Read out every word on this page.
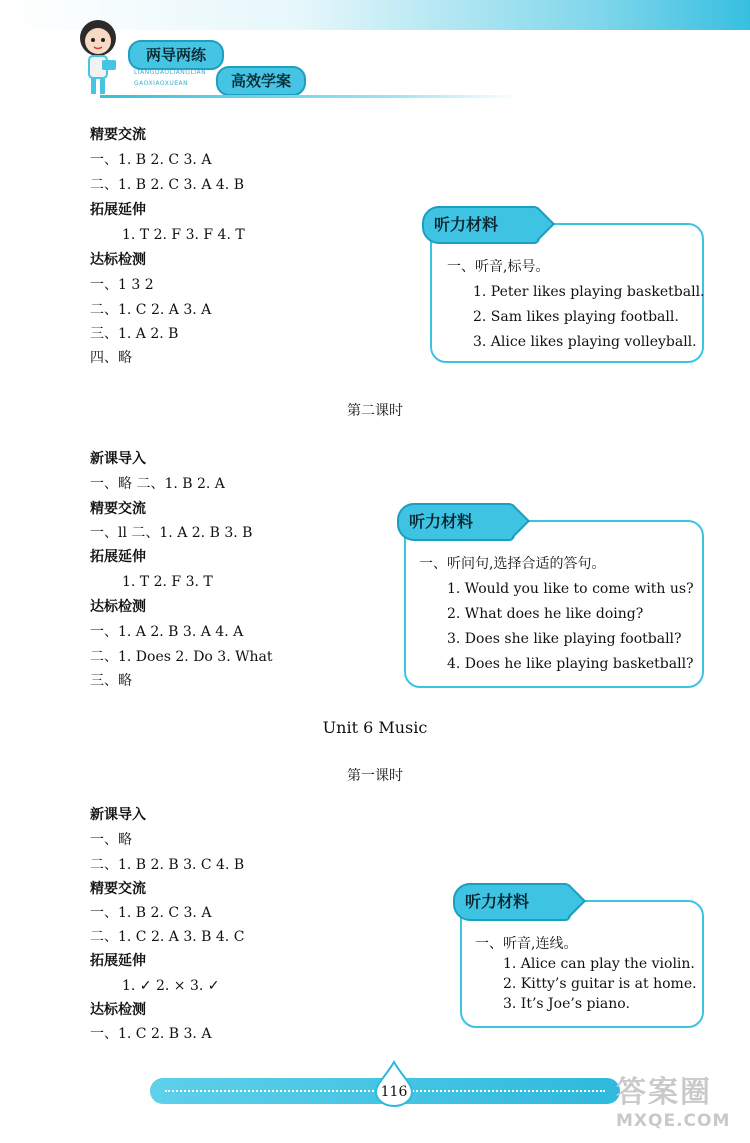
两导两练
LIANGDAOLIANGLIAN
GAOXIAOXUEAN	高效学案
精要交流
一、1. B 2. C 3. A
二、1. B 2. C 3. A 4. B
拓展延伸
1. T 2. F 3. F 4. T
达标检测
一、1 3 2
二、1. C 2. A 3. A
三、1. A 2. B
四、略
听力材料
一、听音,标号。
1. Peter likes playing basketball.
2. Sam likes playing football.
3. Alice likes playing volleyball.
第二课时
新课导入
一、略 二、1. B 2. A
精要交流
一、ll 二、1. A 2. B 3. B
拓展延伸
1. T 2. F 3. T
达标检测
一、1. A 2. B 3. A 4. A
二、1. Does 2. Do 3. What
三、略
听力材料
一、听问句,选择合适的答句。
1. Would you like to come with us?
2. What does he like doing?
3. Does she like playing football?
4. Does he like playing basketball?
Unit 6 Music
第一课时
新课导入
一、略
二、1. B 2. B 3. C 4. B
精要交流
一、1. B 2. C 3. A
二、1. C 2. A 3. B 4. C
拓展延伸
1. ✓ 2. × 3. ✓
达标检测
一、1. C 2. B 3. A
听力材料
一、听音,连线。
1. Alice can play the violin.
2. Kitty’s guitar is at home.
3. It’s Joe’s piano.
116	答案圈
MXQE.COM
